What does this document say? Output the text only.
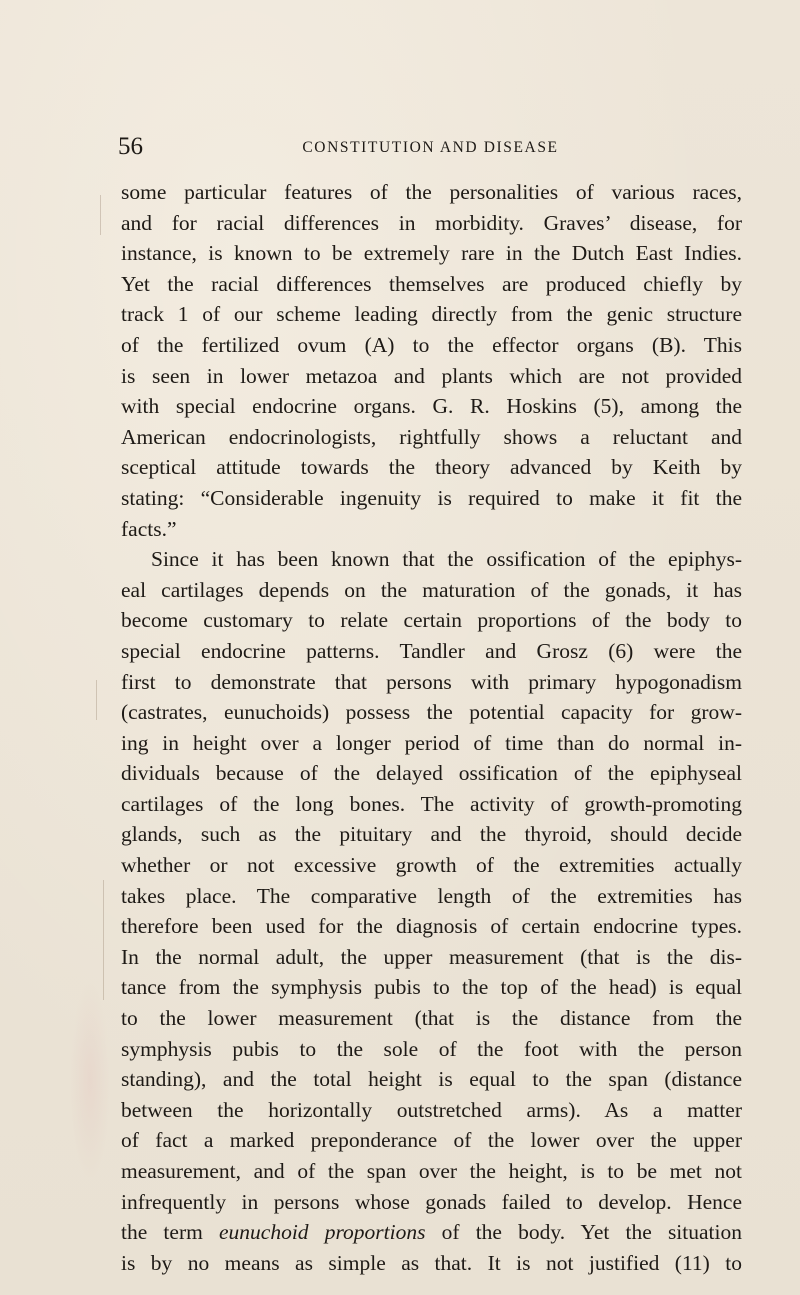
56	CONSTITUTION AND DISEASE
some particular features of the personalities of various races,
and for racial differences in morbidity. Graves’ disease, for
instance, is known to be extremely rare in the Dutch East Indies.
Yet the racial differences themselves are produced chiefly by
track 1 of our scheme leading directly from the genic structure
of the fertilized ovum (A) to the effector organs (B). This
is seen in lower metazoa and plants which are not provided
with special endocrine organs. G. R. Hoskins (5), among the
American endocrinologists, rightfully shows a reluctant and
sceptical attitude towards the theory advanced by Keith by
stating: “Considerable ingenuity is required to make it fit the
facts.”
Since it has been known that the ossification of the epiphys-
eal cartilages depends on the maturation of the gonads, it has
become customary to relate certain proportions of the body to
special endocrine patterns. Tandler and Grosz (6) were the
first to demonstrate that persons with primary hypogonadism
(castrates, eunuchoids) possess the potential capacity for grow-
ing in height over a longer period of time than do normal in-
dividuals because of the delayed ossification of the epiphyseal
cartilages of the long bones. The activity of growth-promoting
glands, such as the pituitary and the thyroid, should decide
whether or not excessive growth of the extremities actually
takes place. The comparative length of the extremities has
therefore been used for the diagnosis of certain endocrine types.
In the normal adult, the upper measurement (that is the dis-
tance from the symphysis pubis to the top of the head) is equal
to the lower measurement (that is the distance from the
symphysis pubis to the sole of the foot with the person
standing), and the total height is equal to the span (distance
between the horizontally outstretched arms). As a matter
of fact a marked preponderance of the lower over the upper
measurement, and of the span over the height, is to be met not
infrequently in persons whose gonads failed to develop. Hence
the term eunuchoid proportions of the body. Yet the situation
is by no means as simple as that. It is not justified (11) to
